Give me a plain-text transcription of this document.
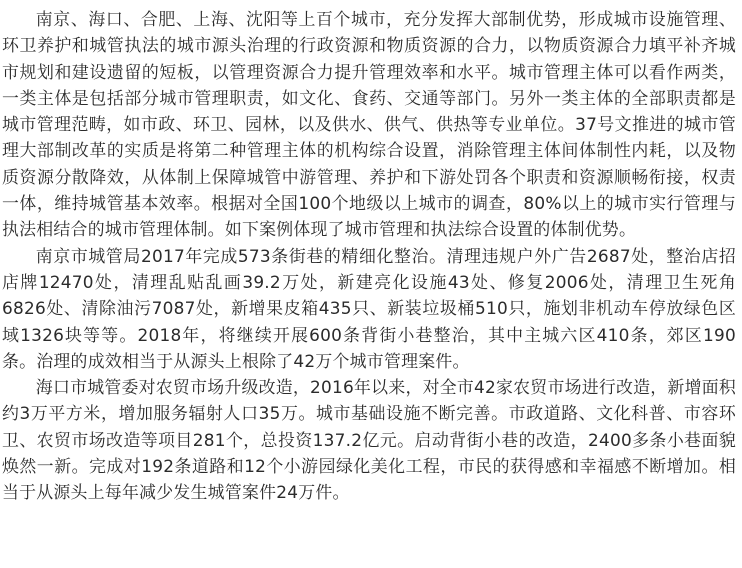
南京、海口、合肥、上海、沈阳等上百个城市，充分发挥大部制优势，形成城市设施管理、环卫养护和城管执法的城市源头治理的行政资源和物质资源的合力，以物质资源合力填平补齐城市规划和建设遗留的短板，以管理资源合力提升管理效率和水平。城市管理主体可以看作两类，一类主体是包括部分城市管理职责，如文化、食药、交通等部门。另外一类主体的全部职责都是城市管理范畴，如市政、环卫、园林，以及供水、供气、供热等专业单位。37号文推进的城市管理大部制改革的实质是将第二种管理主体的机构综合设置，消除管理主体间体制性内耗，以及物质资源分散降效，从体制上保障城管中游管理、养护和下游处罚各个职责和资源顺畅衔接，权责一体，维持城管基本效率。根据对全国100个地级以上城市的调查，80%以上的城市实行管理与执法相结合的城市管理体制。如下案例体现了城市管理和执法综合设置的体制优势。

南京市城管局2017年完成573条街巷的精细化整治。清理违规户外广告2687处，整治店招店牌12470处，清理乱贴乱画39.2万处，新建亮化设施43处、修复2006处，清理卫生死角6826处、清除油污7087处，新增果皮箱435只、新装垃圾桶510只，施划非机动车停放绿色区域1326块等等。2018年，将继续开展600条背街小巷整治，其中主城六区410条，郊区190条。治理的成效相当于从源头上根除了42万个城市管理案件。

海口市城管委对农贸市场升级改造，2016年以来，对全市42家农贸市场进行改造，新增面积约3万平方米，增加服务辐射人口35万。城市基础设施不断完善。市政道路、文化科普、市容环卫、农贸市场改造等项目281个，总投资137.2亿元。启动背街小巷的改造，2400多条小巷面貌焕然一新。完成对192条道路和12个小游园绿化美化工程，市民的获得感和幸福感不断增加。相当于从源头上每年减少发生城管案件24万件。
